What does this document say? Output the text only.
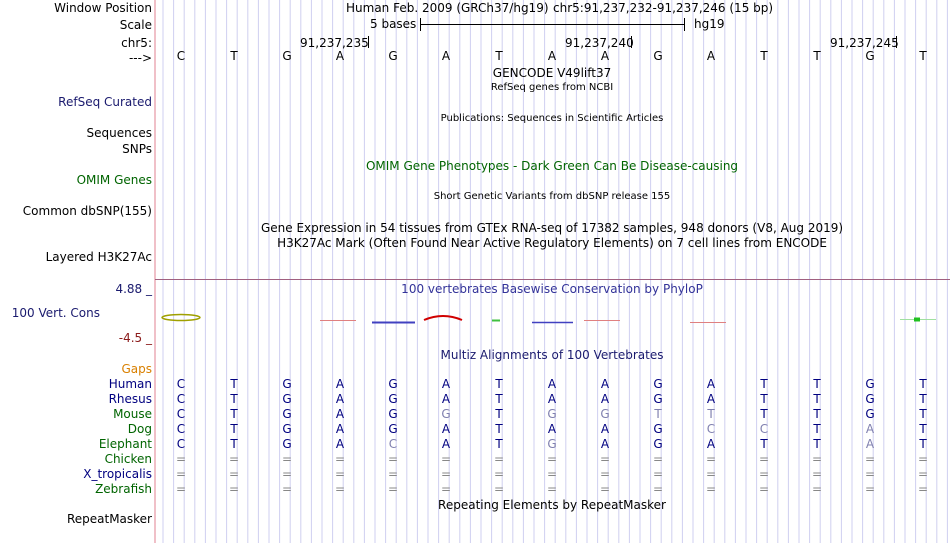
Window Position	Human Feb. 2009 (GRCh37/hg19) chr5:91,237,232-91,237,246 (15 bp)
Scale	5 bases	hg19
chr5:	91,237,235	91,237,240	91,237,245
--->	C	T	G	A	G	A	T	A	A	G	A	T	T	G	T
GENCODE V49lift37
RefSeq genes from NCBI
RefSeq Curated
Publications: Sequences in Scientific Articles
Sequences
SNPs
OMIM Gene Phenotypes - Dark Green Can Be Disease-causing
OMIM Genes
Short Genetic Variants from dbSNP release 155
Common dbSNP(155)
Gene Expression in 54 tissues from GTEx RNA-seq of 17382 samples, 948 donors (V8, Aug 2019)
H3K27Ac Mark (Often Found Near Active Regulatory Elements) on 7 cell lines from ENCODE
Layered H3K27Ac
100 vertebrates Basewise Conservation by PhyloP
4.88 _
100 Vert. Cons
-4.5 _
Multiz Alignments of 100 Vertebrates
Gaps
Human	C	T	G	A	G	A	T	A	A	G	A	T	T	G	T
Rhesus	C	T	G	A	G	A	T	A	A	G	A	T	T	G	T
Mouse	C	T	G	A	G	G	T	G	G	T	T	T	T	G	T
Dog	C	T	G	A	G	A	T	A	A	G	C	C	T	A	T
Elephant	C	T	G	A	C	A	T	G	A	G	A	T	T	A	T
Chicken	=	=	=	=	=	=	=	=	=	=	=	=	=	=	=
X_tropicalis	=	=	=	=	=	=	=	=	=	=	=	=	=	=	=
Zebrafish	=	=	=	=	=	=	=	=	=	=	=	=	=	=	=
Repeating Elements by RepeatMasker
RepeatMasker
